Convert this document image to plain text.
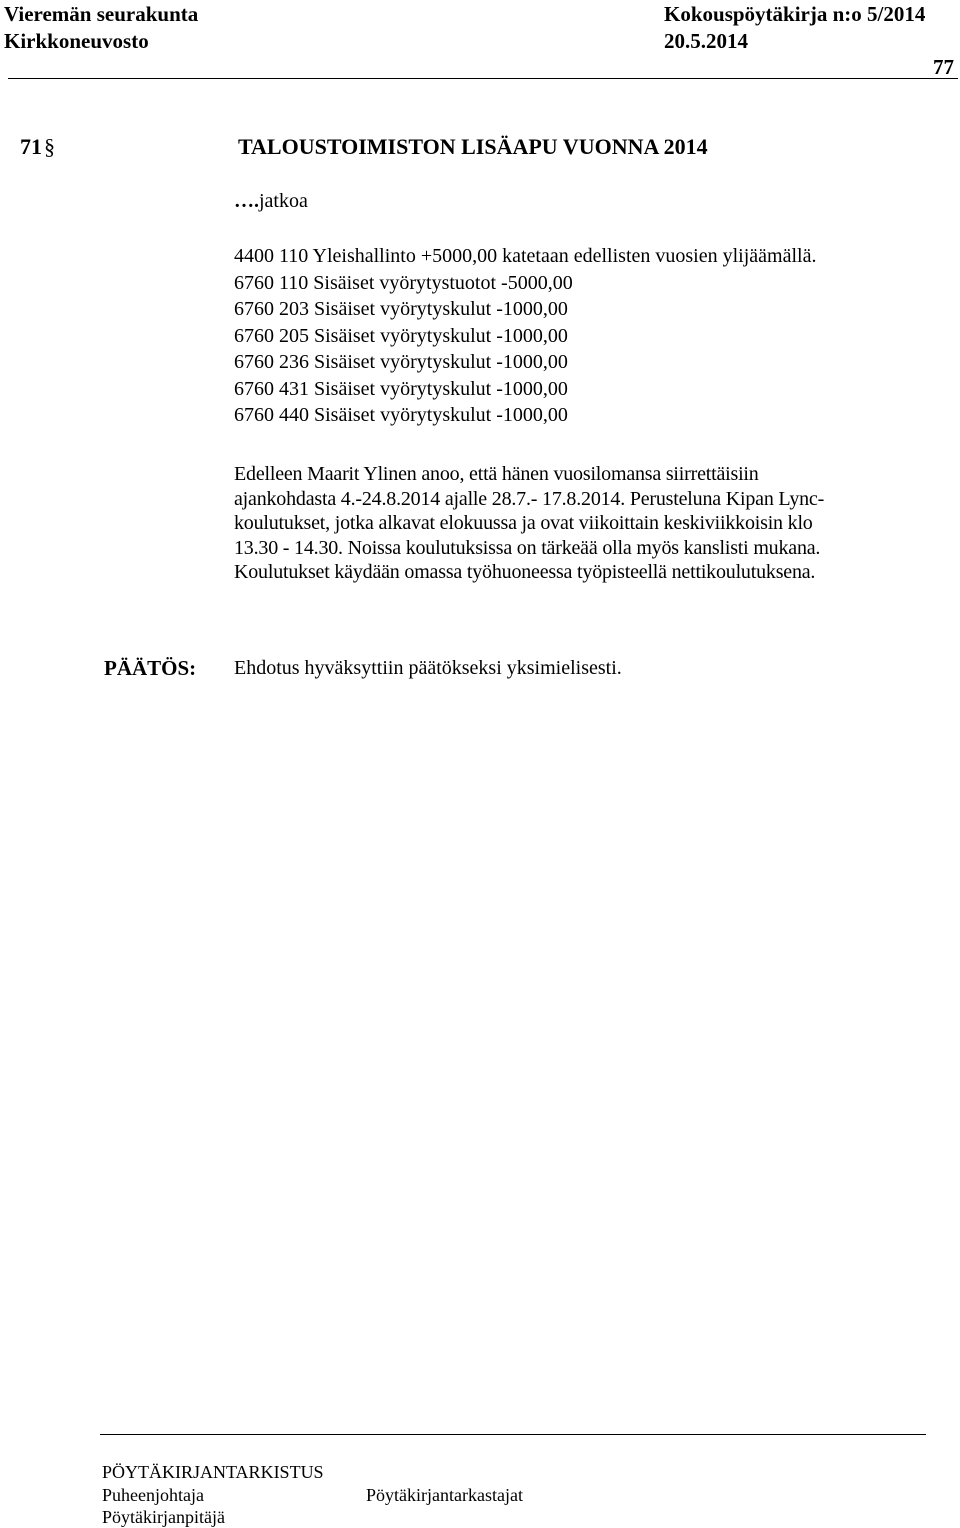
Vieremän seurakunta
Kirkkoneuvosto
Kokouspöytäkirja n:o 5/2014
20.5.2014
77
71§	TALOUSTOIMISTON LISÄAPU VUONNA 2014
….jatkoa
4400 110 Yleishallinto +5000,00 katetaan edellisten vuosien ylijäämällä.
6760 110 Sisäiset vyörytystuotot -5000,00
6760 203 Sisäiset vyörytyskulut -1000,00
6760 205 Sisäiset vyörytyskulut -1000,00
6760 236 Sisäiset vyörytyskulut -1000,00
6760 431 Sisäiset vyörytyskulut -1000,00
6760 440 Sisäiset vyörytyskulut -1000,00
Edelleen Maarit Ylinen anoo, että hänen vuosilomansa siirrettäisiin
ajankohdasta 4.-24.8.2014 ajalle 28.7.- 17.8.2014. Perusteluna Kipan Lync-
koulutukset, jotka alkavat elokuussa ja ovat viikoittain keskiviikkoisin klo
13.30 - 14.30. Noissa koulutuksissa on tärkeää olla myös kanslisti mukana.
Koulutukset käydään omassa työhuoneessa työpisteellä nettikoulutuksena.
PÄÄTÖS: Ehdotus hyväksyttiin päätökseksi yksimielisesti.
PÖYTÄKIRJANTARKISTUS
Puheenjohtaja	Pöytäkirjantarkastajat
Pöytäkirjanpitäjä
